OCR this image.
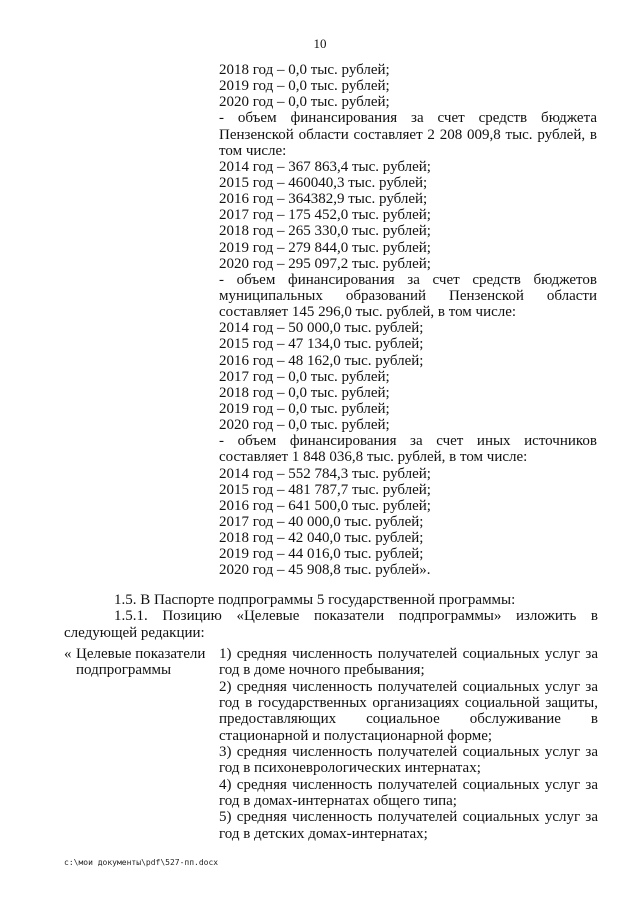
10
2018 год – 0,0 тыс. рублей;
2019 год – 0,0 тыс. рублей;
2020 год – 0,0 тыс. рублей;
- объем финансирования за счет средств бюджета Пензенской области составляет 2 208 009,8 тыс. рублей, в том числе:
2014 год – 367 863,4 тыс. рублей;
2015 год – 460040,3 тыс. рублей;
2016 год – 364382,9 тыс. рублей;
2017 год – 175 452,0 тыс. рублей;
2018 год – 265 330,0 тыс. рублей;
2019 год – 279 844,0 тыс. рублей;
2020 год – 295 097,2 тыс. рублей;
- объем финансирования за счет средств бюджетов муниципальных образований Пензенской области составляет 145 296,0 тыс. рублей, в том числе:
2014 год – 50 000,0 тыс. рублей;
2015 год – 47 134,0 тыс. рублей;
2016 год – 48 162,0 тыс. рублей;
2017 год – 0,0 тыс. рублей;
2018 год – 0,0 тыс. рублей;
2019 год – 0,0 тыс. рублей;
2020 год – 0,0 тыс. рублей;
- объем финансирования за счет иных источников составляет 1 848 036,8 тыс. рублей, в том числе:
2014 год – 552 784,3 тыс. рублей;
2015 год – 481 787,7 тыс. рублей;
2016 год – 641 500,0 тыс. рублей;
2017 год – 40 000,0 тыс. рублей;
2018 год – 42 040,0 тыс. рублей;
2019 год – 44 016,0 тыс. рублей;
2020 год – 45 908,8 тыс. рублей».
1.5. В Паспорте подпрограммы 5 государственной программы:
1.5.1. Позицию «Целевые показатели подпрограммы» изложить в следующей редакции:
« Целевые показатели подпрограммы
1) средняя численность получателей социальных услуг за год в доме ночного пребывания;
2) средняя численность получателей социальных услуг за год в государственных организациях социальной защиты, предоставляющих социальное обслуживание в стационарной и полустационарной форме;
3) средняя численность получателей социальных услуг за год в психоневрологических интернатах;
4) средняя численность получателей социальных услуг за год в домах-интернатах общего типа;
5) средняя численность получателей социальных услуг за год в детских домах-интернатах;
c:\мои документы\pdf\527-пп.docx
